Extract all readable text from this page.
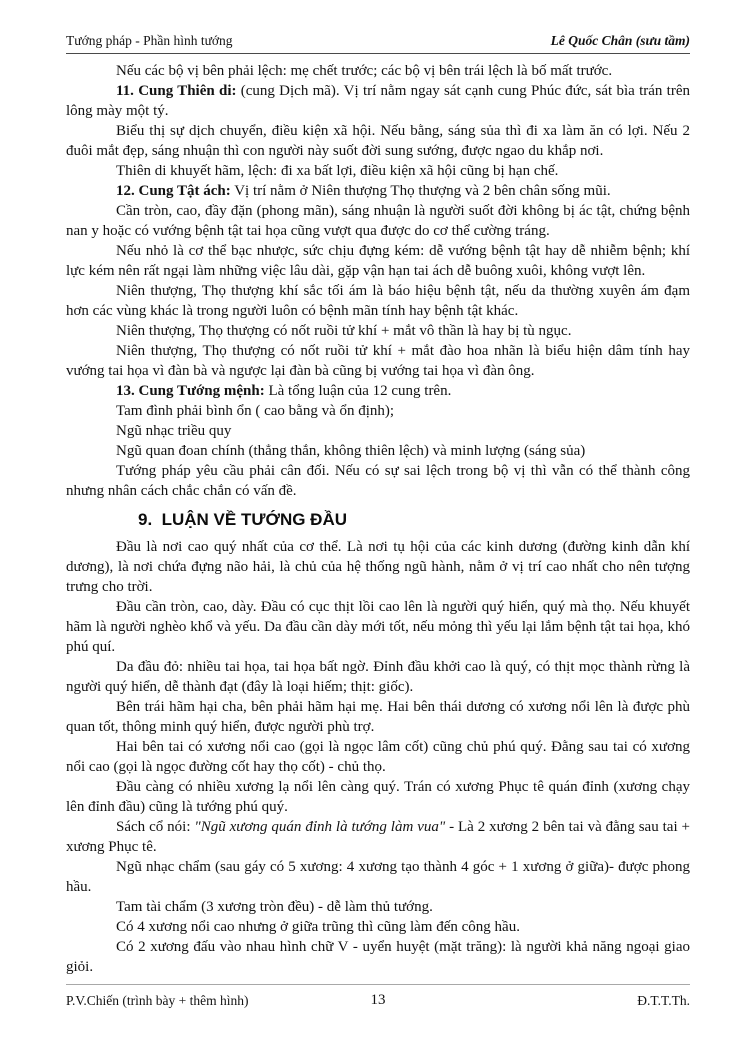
Tướng pháp - Phần hình tướng	Lê Quốc Chân (sưu tầm)

Nếu các bộ vị bên phải lệch: mẹ chết trước; các bộ vị bên trái lệch là bố mất trước.

11. Cung Thiên di: (cung Dịch mã). Vị trí nằm ngay sát cạnh cung Phúc đức, sát bìa trán trên lông mày một tý.

Biểu thị sự dịch chuyển, điều kiện xã hội. Nếu bằng, sáng sủa thì đi xa làm ăn có lợi. Nếu 2 đuôi mắt đẹp, sáng nhuận thì con người này suốt đời sung sướng, được ngao du khắp nơi.

Thiên di khuyết hãm, lệch: đi xa bất lợi, điều kiện xã hội cũng bị hạn chế.

12. Cung Tật ách: Vị trí nằm ở Niên thượng Thọ thượng và 2 bên chân sống mũi.

Cần tròn, cao, đầy đặn (phong mãn), sáng nhuận là người suốt đời không bị ác tật, chứng bệnh nan y hoặc có vướng bệnh tật tai họa cũng vượt qua được do cơ thể cường tráng.

Nếu nhỏ là cơ thể bạc nhược, sức chịu đựng kém: dễ vướng bệnh tật hay dễ nhiễm bệnh; khí lực kém nên rất ngại làm những việc lâu dài, gặp vận hạn tai ách dễ buông xuôi, không vượt lên.

Niên thượng, Thọ thượng khí sắc tối ám là báo hiệu bệnh tật, nếu da thường xuyên ám đạm hơn các vùng khác là trong người luôn có bệnh mãn tính hay bệnh tật khác.

Niên thượng, Thọ thượng có nốt ruồi tử khí + mắt vô thần là hay bị tù ngục.

Niên thượng, Thọ thượng có nốt ruồi tử khí + mắt đào hoa nhãn là biểu hiện dâm tính hay vướng tai họa vì đàn bà và ngược lại đàn bà cũng bị vướng tai họa vì đàn ông.

13. Cung Tướng mệnh: Là tổng luận của 12 cung trên.

Tam đình phải bình ổn ( cao bằng và ổn định);

Ngũ nhạc triều quy

Ngũ quan đoan chính (thẳng thắn, không thiên lệch) và minh lượng (sáng sủa)

Tướng pháp yêu cầu phải cân đối. Nếu có sự sai lệch trong bộ vị thì vẫn có thể thành công nhưng nhân cách chắc chắn có vấn đề.

9.  LUẬN VỀ TƯỚNG ĐẦU

Đầu là nơi cao quý nhất của cơ thể. Là nơi tụ hội của các kinh dương (đường kinh dẫn khí dương), là nơi chứa đựng não hải, là chủ của hệ thống ngũ hành, nằm ở vị trí cao nhất cho nên tượng trưng cho trời.

Đầu cần tròn, cao, dày. Đầu có cục thịt lồi cao lên là người quý hiển, quý mà thọ. Nếu khuyết hãm là người nghèo khổ và yếu. Da đầu cần dày mới tốt, nếu mỏng thì yếu lại lắm bệnh tật tai họa, khó phú quí.

Da đầu đỏ: nhiều tai họa, tai họa bất ngờ. Đỉnh đầu khởi cao là quý, có thịt mọc thành rừng là người quý hiển, dễ thành đạt (đây là loại hiếm; thịt: giốc).

Bên trái hãm hại cha, bên phải hãm hại mẹ. Hai bên thái dương có xương nổi lên là được phù quan tốt, thông minh quý hiển, được người phù trợ.

Hai bên tai có xương nổi cao (gọi là ngọc lâm cốt) cũng chủ phú quý. Đằng sau tai có xương nổi cao (gọi là ngọc đường cốt hay thọ cốt) - chủ thọ.

Đầu càng có nhiều xương lạ nổi lên càng quý. Trán có xương Phục tê quán đỉnh (xương chạy lên đỉnh đầu) cũng là tướng phú quý.

Sách cổ nói: "Ngũ xương quán đỉnh là tướng làm vua" - Là 2 xương 2 bên tai và đằng sau tai + xương Phục tê.

Ngũ nhạc chẩm (sau gáy có 5 xương: 4 xương tạo thành 4 góc + 1 xương ở giữa)- được phong hầu.

Tam tài chẩm (3 xương tròn đều) - dễ làm thủ tướng.

Có 4 xương nổi cao nhưng ở giữa trũng thì cũng làm đến công hầu.

Có 2 xương đấu vào nhau hình chữ V - uyển huyệt (mặt trăng): là người khả năng ngoại giao giỏi.

P.V.Chiến (trình bày + thêm hình)	13	Đ.T.T.Th.
